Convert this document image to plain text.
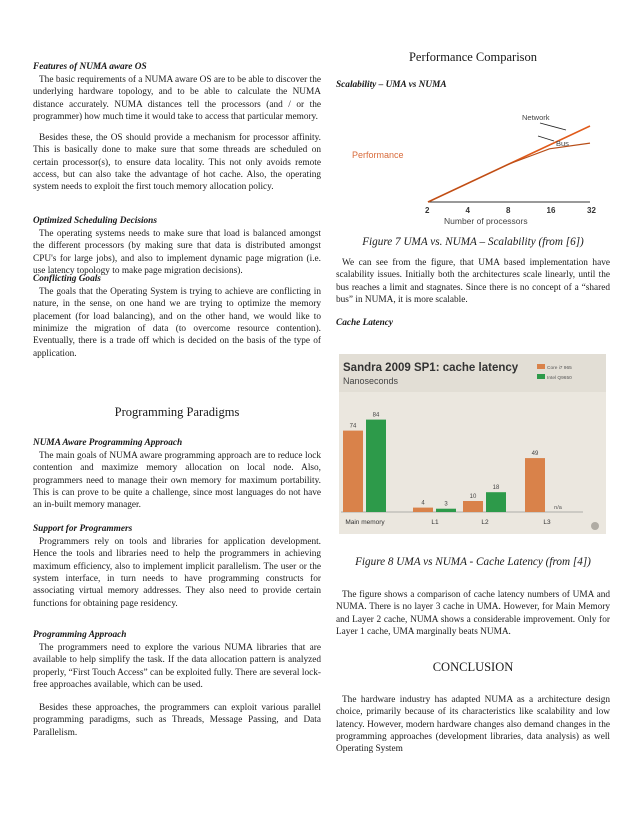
Features of NUMA aware OS

The basic requirements of a NUMA aware OS are to be able to discover the underlying hardware topology, and to be able to calculate the NUMA distance accurately. NUMA distances tell the processors (and / or the programmer) how much time it would take to access that particular memory.

Besides these, the OS should provide a mechanism for processor affinity. This is basically done to make sure that some threads are scheduled on certain processor(s), to ensure data locality. This not only avoids remote access, but can also take the advantage of hot cache. Also, the operating system needs to exploit the first touch memory allocation policy.

Optimized Scheduling Decisions

The operating systems needs to make sure that load is balanced amongst the different processors (by making sure that data is distributed amongst CPU's for large jobs), and also to implement dynamic page migration (i.e. use latency topology to make page migration decisions).

Conflicting Goals

The goals that the Operating System is trying to achieve are conflicting in nature, in the sense, on one hand we are trying to optimize the memory placement (for load balancing), and on the other hand, we would like to minimize the migration of data (to overcome resource contention). Eventually, there is a trade off which is decided on the basis of the type of application.

Programming Paradigms

NUMA Aware Programming Approach

The main goals of NUMA aware programming approach are to reduce lock contention and maximize memory allocation on local node. Also, programmers need to manage their own memory for maximum portability. This is can prove to be quite a challenge, since most languages do not have an in-built memory manager.

Support for Programmers

Programmers rely on tools and libraries for application development. Hence the tools and libraries need to help the programmers in achieving maximum efficiency, also to implement implicit parallelism. The user or the system interface, in turn needs to have programming constructs for associating virtual memory addresses. They also need to provide certain functions for obtaining page residency.

Programming Approach

The programmers need to explore the various NUMA libraries that are available to help simplify the task. If the data allocation pattern is analyzed properly, “First Touch Access” can be exploited fully. There are several lock-free approaches available, which can be used.

Besides these approaches, the programmers can exploit various parallel programming paradigms, such as Threads, Message Passing, and Data Parallelism.

Performance Comparison

Scalability – UMA vs NUMA

Performance
2	4	8	16	32
Number of processors
Network
Bus

Figure 7 UMA vs. NUMA – Scalability (from [6])

We can see from the figure, that UMA based implementation have scalability issues. Initially both the architectures scale linearly, until the bus reaches a limit and stagnates. Since there is no concept of a “shared bus” in NUMA, it is more scalable.

Cache Latency

Sandra 2009 SP1: cache latency
Nanoseconds
Core i7 965
Intel Q9650
74
84
Main memory
4	3
L1
10
18
L2
49
n/a
L3

Figure 8 UMA vs NUMA - Cache Latency (from [4])

The figure shows a comparison of cache latency numbers of UMA and NUMA. There is no layer 3 cache in UMA. However, for Main Memory and Layer 2 cache, NUMA shows a considerable improvement. Only for Layer 1 cache, UMA marginally beats NUMA.

CONCLUSION

The hardware industry has adapted NUMA as a architecture design choice, primarily because of its characteristics like scalability and low latency. However, modern hardware changes also demand changes in the programming approaches (development libraries, data analysis) as well Operating System
